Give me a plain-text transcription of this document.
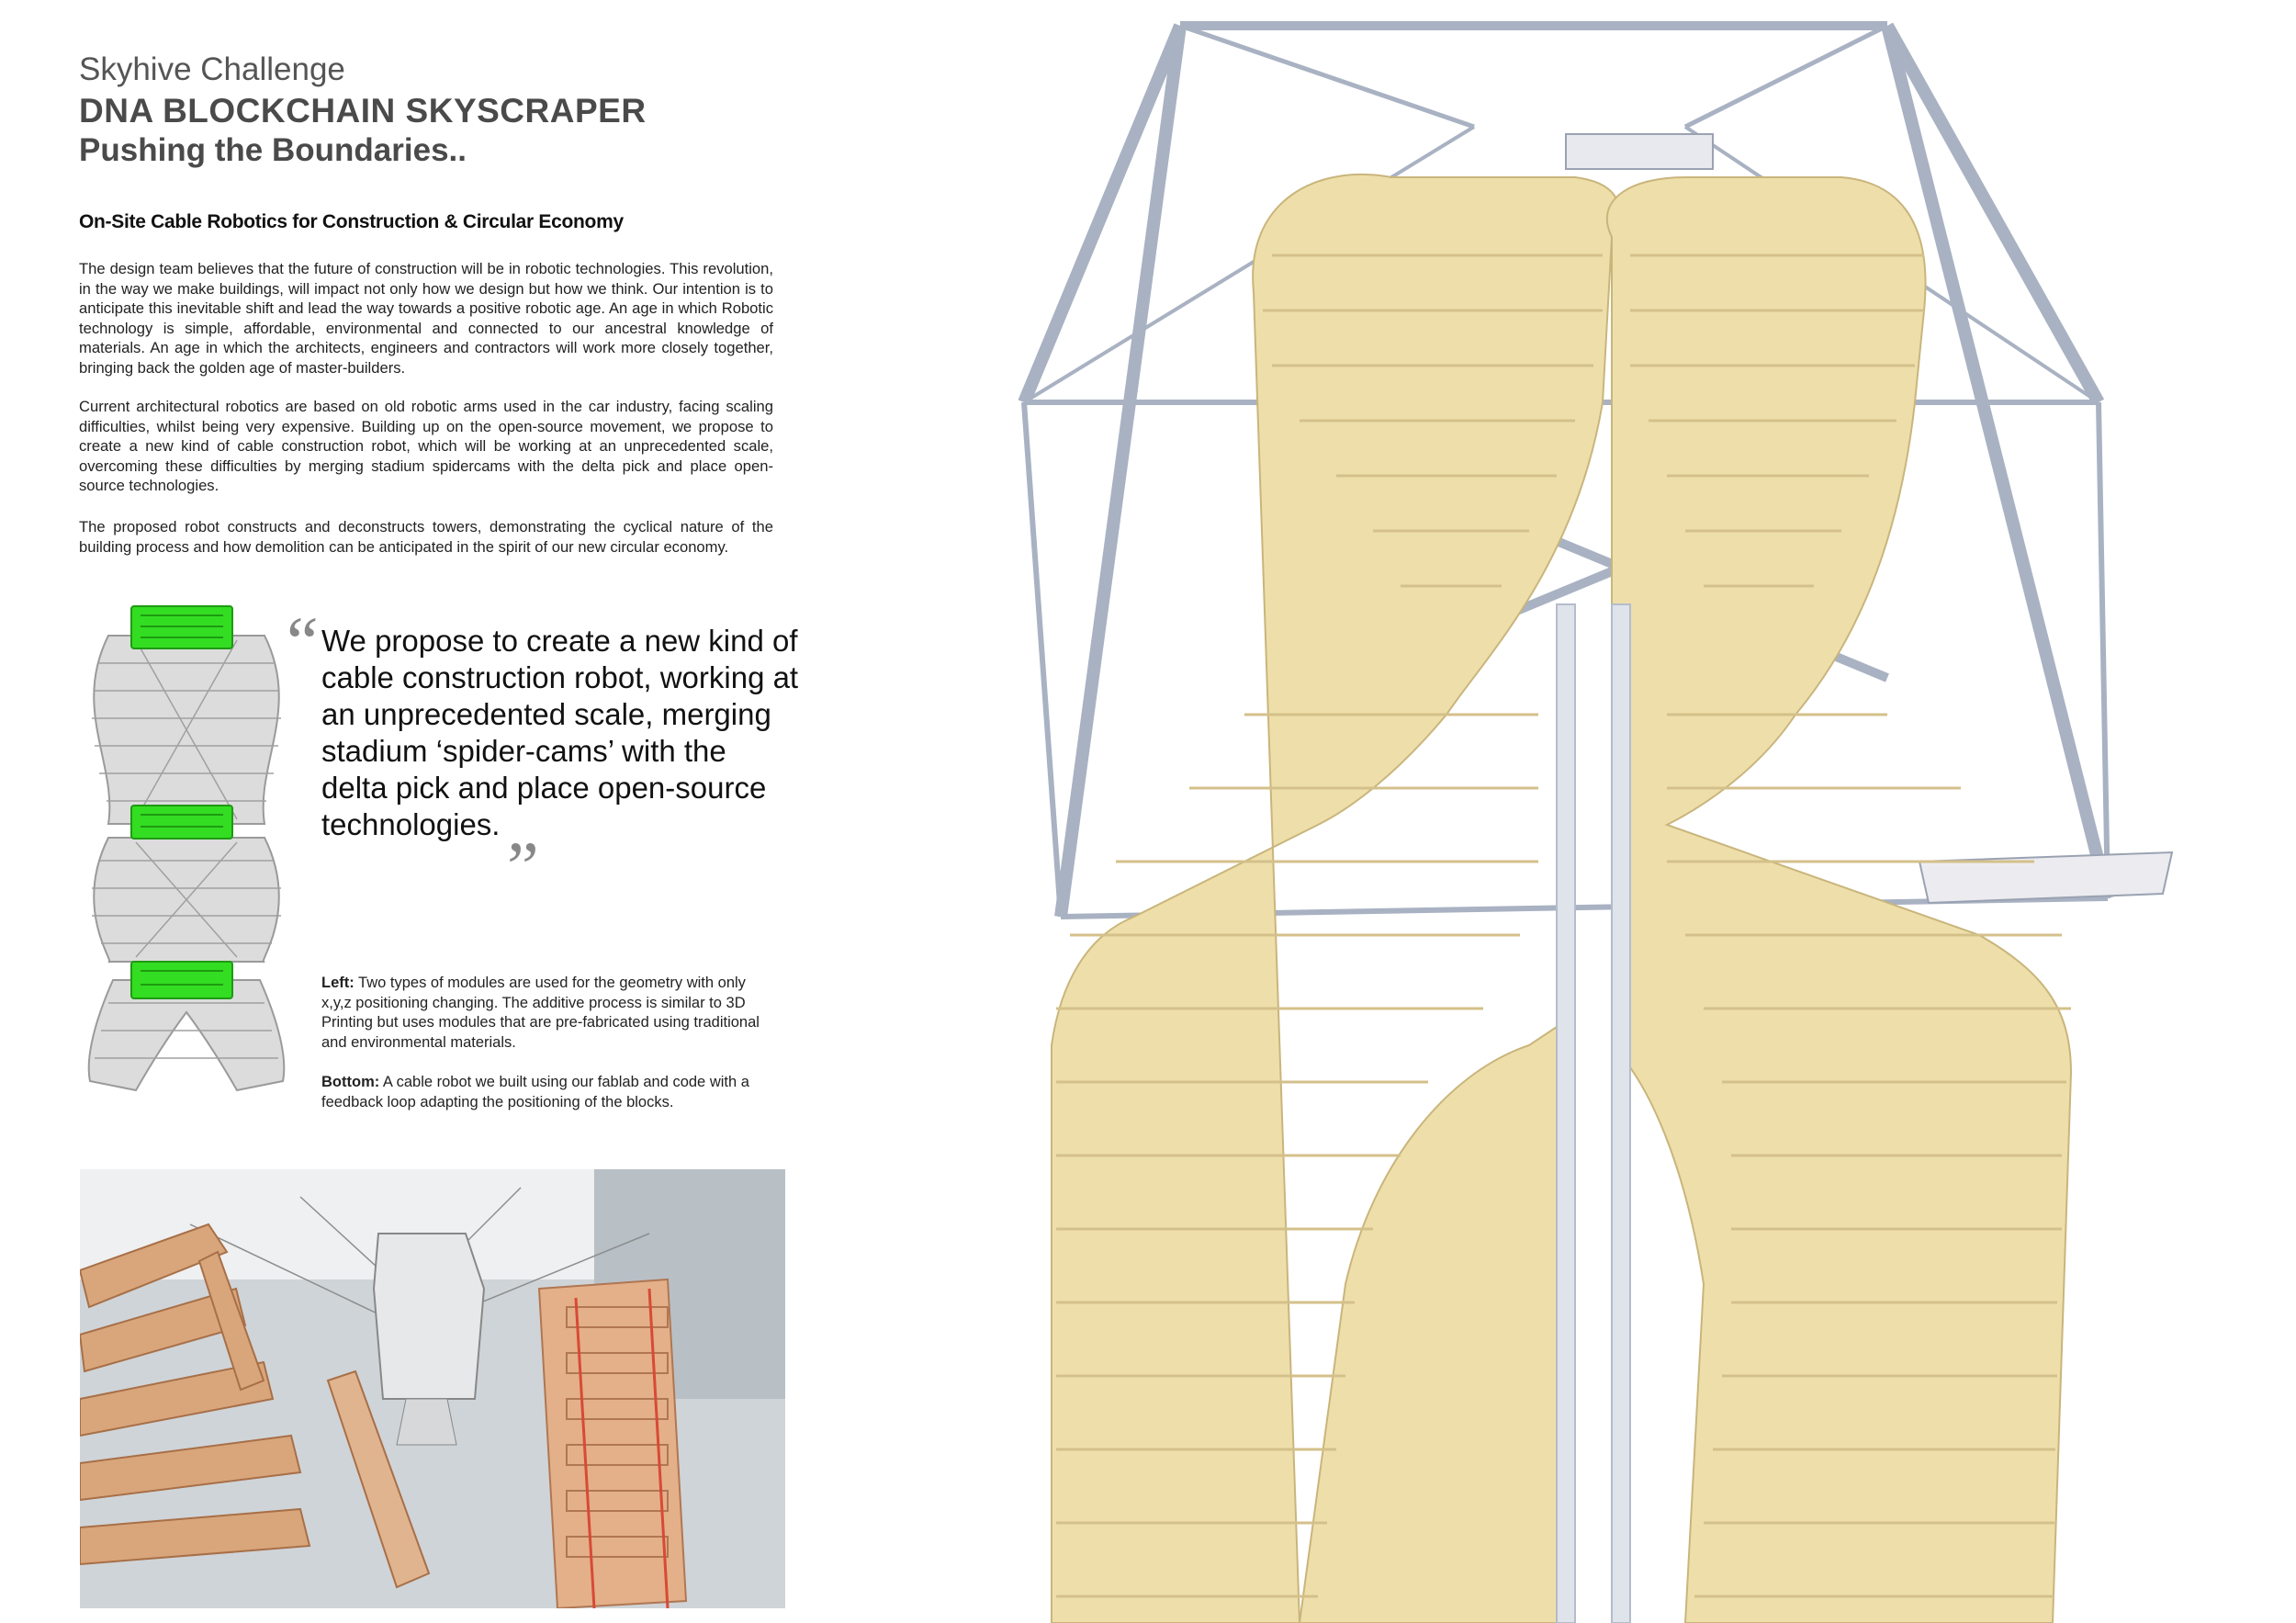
Skyhive Challenge
DNA BLOCKCHAIN SKYSCRAPER
Pushing the Boundaries..
On-Site Cable Robotics for Construction & Circular Economy
The design team believes that the future of construction will be in robotic technologies. This revolution, in the way we make buildings, will impact not only how we design but how we think. Our intention is to anticipate this inevitable shift and lead the way towards a positive robotic age. An age in which Robotic technology is simple, affordable, environmental and connected to our ancestral knowledge of materials. An age in which the architects, engineers and contractors will work more closely together, bringing back the golden age of master-builders.
Current architectural robotics are based on old robotic arms used in the car industry, facing scaling difficulties, whilst being very expensive. Building up on the open-source movement, we propose to create a new kind of cable construction robot, which will be working at an unprecedented scale, overcoming these difficulties by merging stadium spidercams with the delta pick and place open-source technologies.
The proposed robot constructs and deconstructs towers, demonstrating the cyclical nature of the building process and how demolition can be anticipated in the spirit of our new circular economy.
“ We propose to create a new kind of cable construction robot, working at an unprecedented scale, merging stadium ‘spider-cams’ with the delta pick and place open-source technologies.
”
Left: Two types of modules are used for the geometry with only x,y,z positioning changing. The additive process is similar to 3D Printing but uses modules that are pre-fabricated using traditional and environmental materials.
Bottom: A cable robot we built using our fablab and code with a feedback loop adapting the positioning of the blocks.
